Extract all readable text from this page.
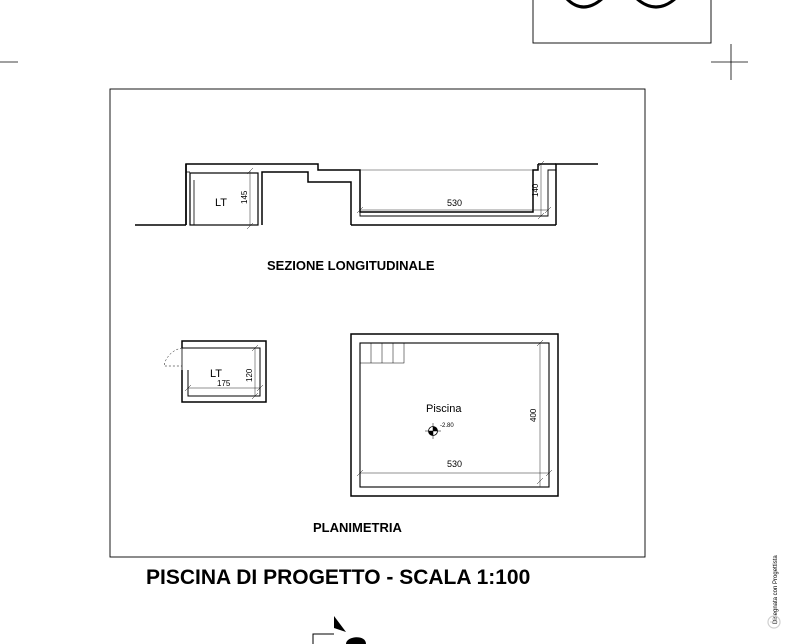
LT 145	530
140
SEZIONE LONGITUDINALE
LT
175
120
Piscina
-2.80
530
400
PLANIMETRIA
PISCINA DI PROGETTO - SCALA 1:100	Disegnata con Progettista
